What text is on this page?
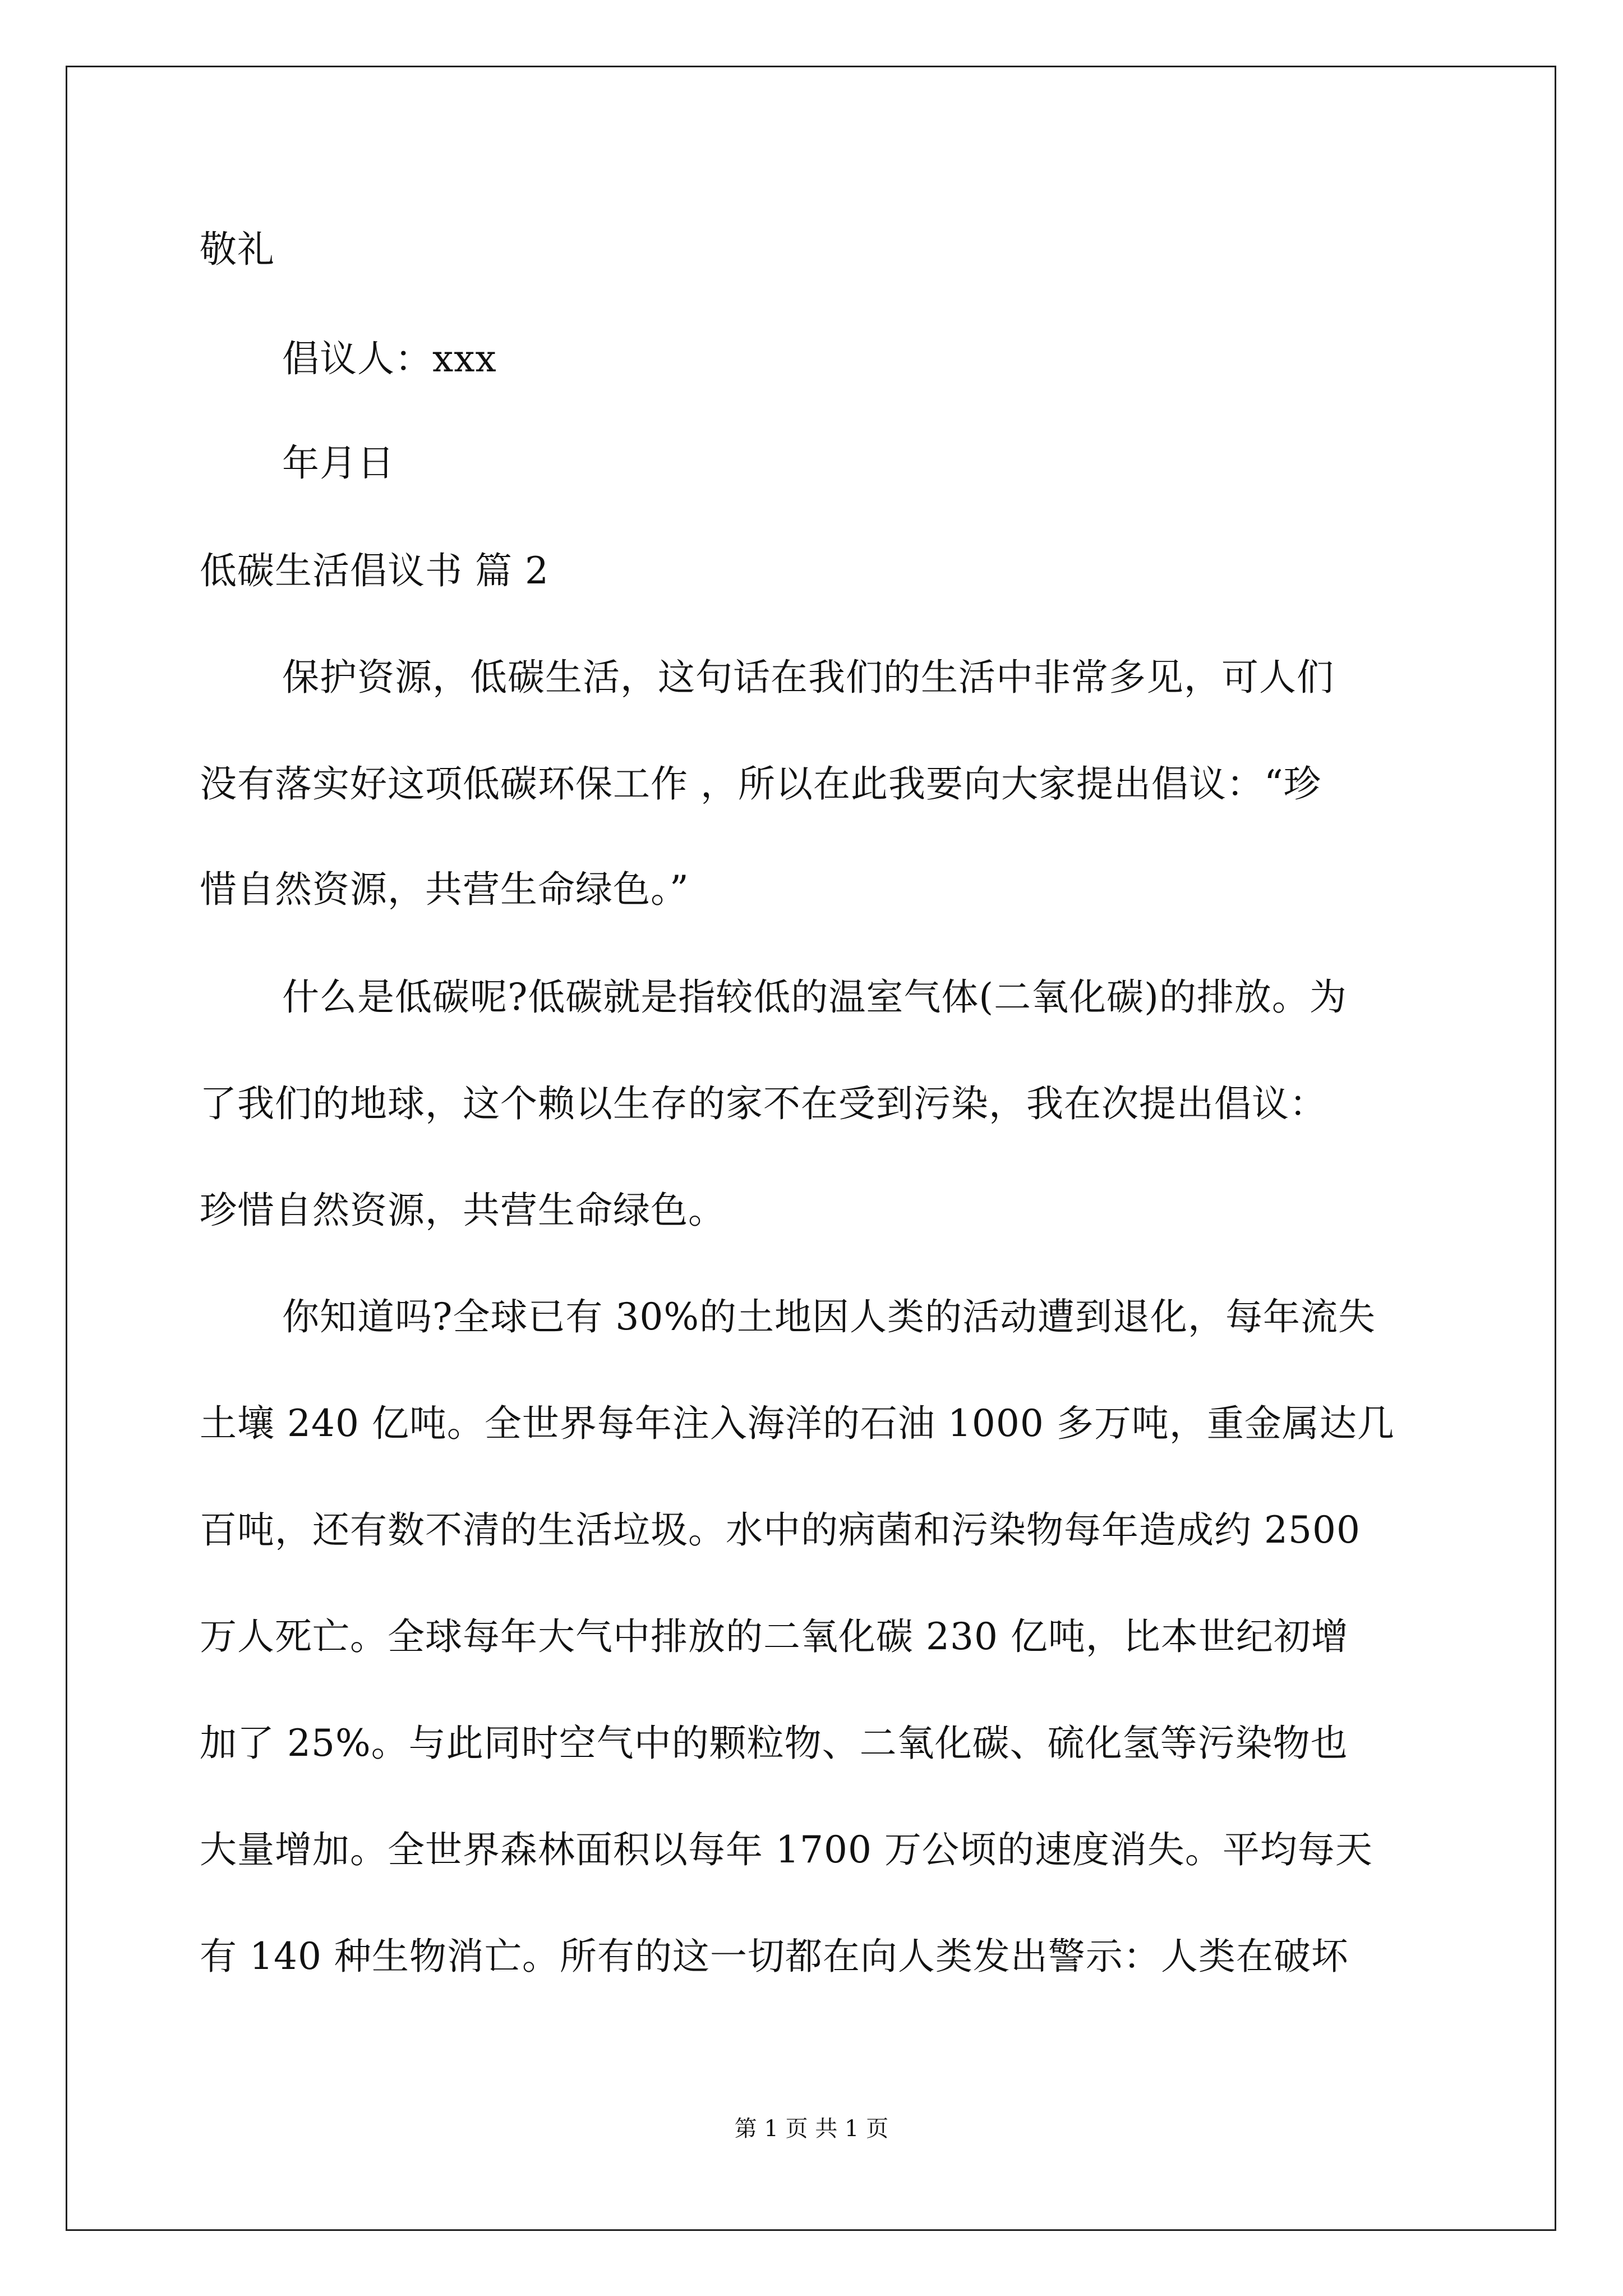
敬礼
倡议人：xxx
年月日
低碳生活倡议书 篇 2
保护资源，低碳生活，这句话在我们的生活中非常多见，可人们
没有落实好这项低碳环保工作 ，所以在此我要向大家提出倡议：“珍
惜自然资源，共营生命绿色。”
什么是低碳呢?低碳就是指较低的温室气体(二氧化碳)的排放。为
了我们的地球，这个赖以生存的家不在受到污染，我在次提出倡议：
珍惜自然资源，共营生命绿色。
你知道吗?全球已有 30%的土地因人类的活动遭到退化，每年流失
土壤 240 亿吨。全世界每年注入海洋的石油 1000 多万吨，重金属达几
百吨，还有数不清的生活垃圾。水中的病菌和污染物每年造成约 2500
万人死亡。全球每年大气中排放的二氧化碳 230 亿吨，比本世纪初增
加了 25%。与此同时空气中的颗粒物、二氧化碳、硫化氢等污染物也
大量增加。全世界森林面积以每年 1700 万公顷的速度消失。平均每天
有 140 种生物消亡。所有的这一切都在向人类发出警示：人类在破坏
第 1 页 共 1 页
